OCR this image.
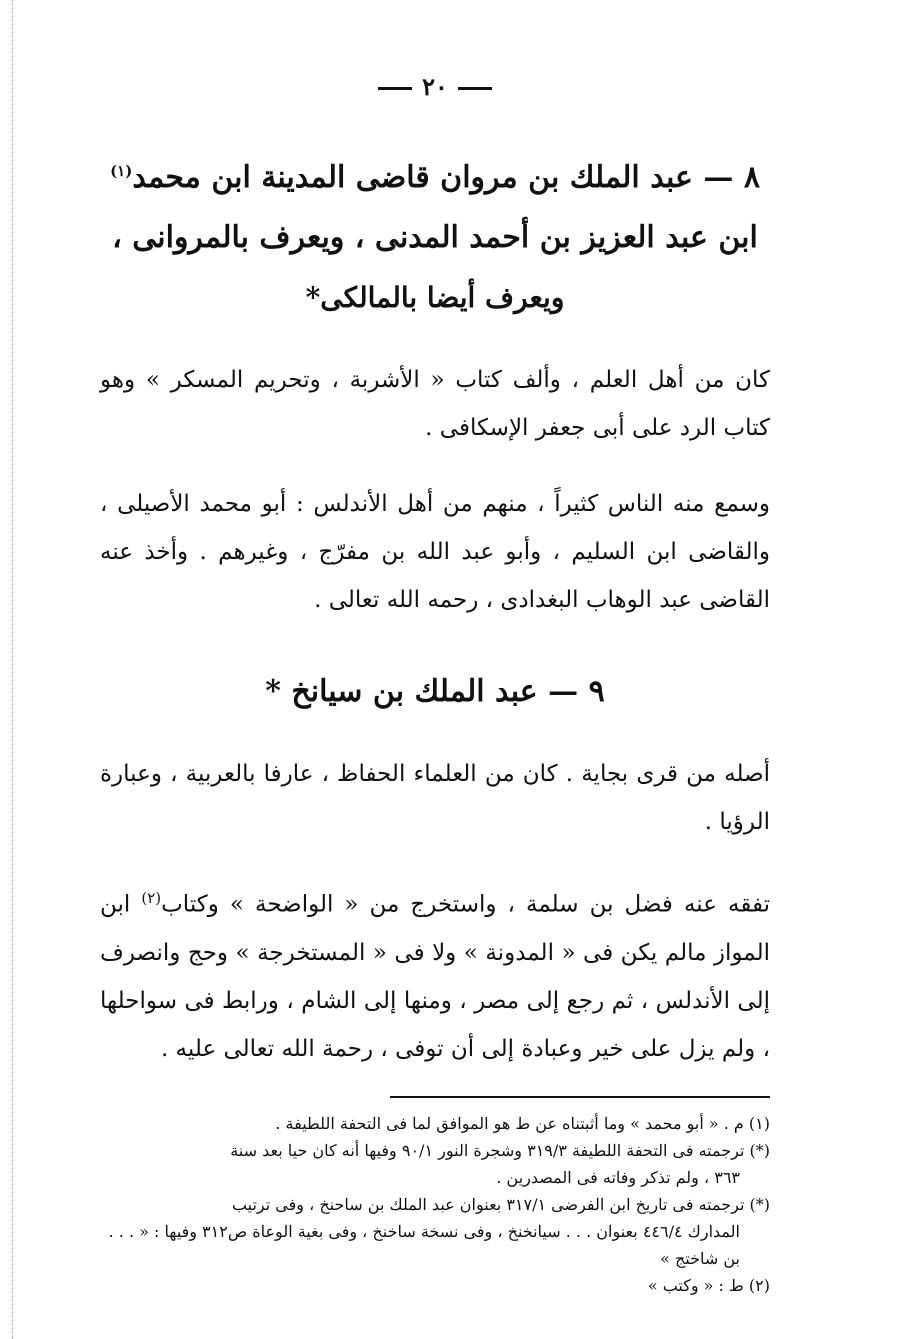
٢٠
٨ — عبد الملك بن مروان قاضى المدينة ابن محمد$^{(١)}$
ابن عبد العزيز بن أحمد المدنى ، ويعرف بالمروانى ،
ويعرف أيضا بالمالكى*

كان من أهل العلم ، وألف كتاب « الأشربة ، وتحريم المسكر » وهو كتاب الرد على أبى جعفر الإسكافى .

وسمع منه الناس كثيراً ، منهم من أهل الأندلس : أبو محمد الأصيلى ، والقاضى ابن السليم ، وأبو عبد الله بن مفرّج ، وغيرهم . وأخذ عنه القاضى عبد الوهاب البغدادى ، رحمه الله تعالى .

٩ — عبد الملك بن سيانخ *

أصله من قرى بجاية . كان من العلماء الحفاظ ، عارفا بالعربية ، وعبارة الرؤيا .

تفقه عنه فضل بن سلمة ، واستخرج من « الواضحة » وكتاب$^{(٢)}$ ابن المواز مالم يكن فى « المدونة » ولا فى « المستخرجة » وحج وانصرف إلى الأندلس ، ثم رجع إلى مصر ، ومنها إلى الشام ، ورابط فى سواحلها ، ولم يزل على خير وعبادة إلى أن توفى ، رحمة الله تعالى عليه .

(١) م . « أبو محمد » وما أثبتناه عن ط هو الموافق لما فى التحفة اللطيفة .
(*) ترجمته فى التحفة اللطيفة ٣١٩/٣ وشجرة النور ٩٠/١ وفيها أنه كان حيا بعد سنة
٣٦٣ ، ولم تذكر وفاته فى المصدرين .
(*) ترجمته فى تاريخ ابن الفرضى ٣١٧/١ بعنوان عبد الملك بن ساحنخ ، وفى ترتيب
المدارك ٤٤٦/٤ بعنوان . . . سيانخنخ ، وفى نسخة ساخنخ ، وفى بغية الوعاة ص٣١٢ وفيها : « . . . بن شاختج »
(٢) ط : « وكتب »
